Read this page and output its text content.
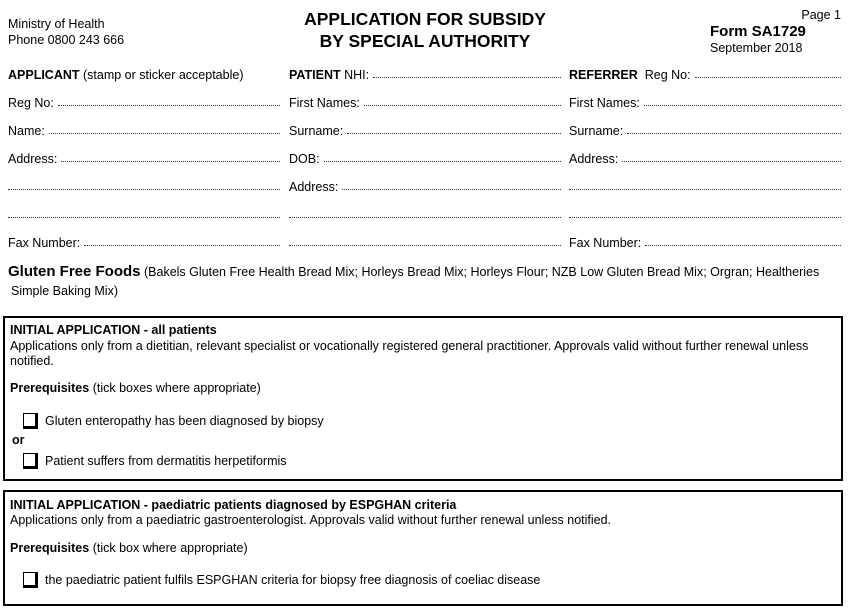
Ministry of Health
Phone 0800 243 666
APPLICATION FOR SUBSIDY
BY SPECIAL AUTHORITY
Page 1
Form SA1729
September 2018
APPLICANT (stamp or sticker acceptable)
Reg No:
Name:
Address:
Fax Number:
PATIENT NHI:
First Names:
Surname:
DOB:
Address:
REFERRER  Reg No:
First Names:
Surname:
Address:
Fax Number:
Gluten Free Foods (Bakels Gluten Free Health Bread Mix; Horleys Bread Mix; Horleys Flour; NZB Low Gluten Bread Mix; Orgran; Healtheries
Simple Baking Mix)
INITIAL APPLICATION - all patients
Applications only from a dietitian, relevant specialist or vocationally registered general practitioner. Approvals valid without further renewal unless
notified.
Prerequisites (tick boxes where appropriate)
Gluten enteropathy has been diagnosed by biopsy
or
Patient suffers from dermatitis herpetiformis
INITIAL APPLICATION - paediatric patients diagnosed by ESPGHAN criteria
Applications only from a paediatric gastroenterologist. Approvals valid without further renewal unless notified.
Prerequisites (tick box where appropriate)
the paediatric patient fulfils ESPGHAN criteria for biopsy free diagnosis of coeliac disease
